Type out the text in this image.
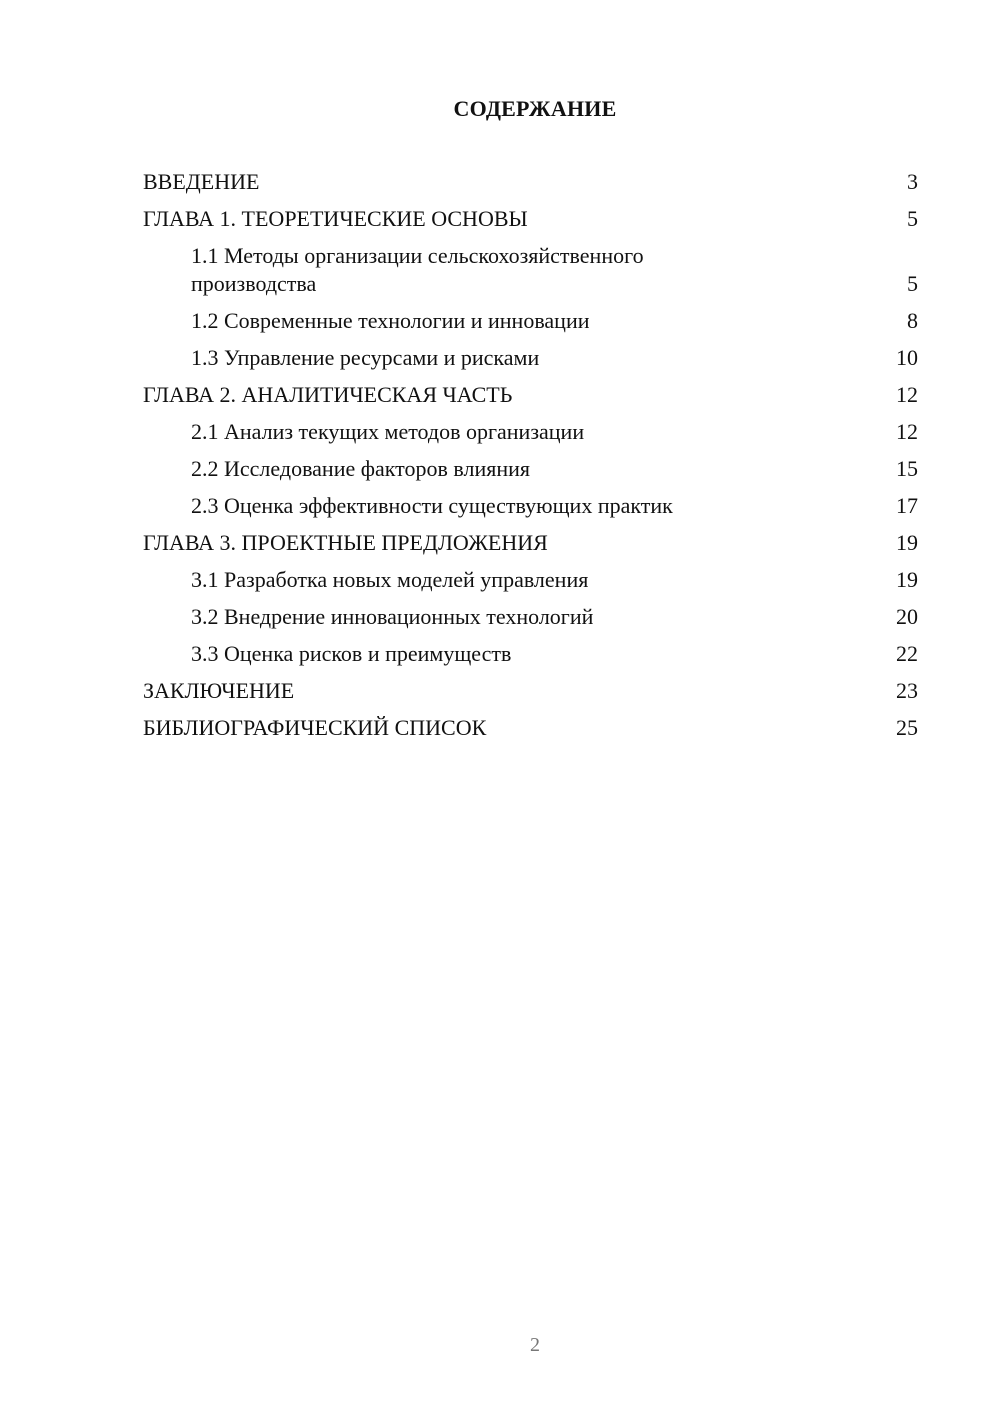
СОДЕРЖАНИЕ
ВВЕДЕНИЕ	3
ГЛАВА 1. ТЕОРЕТИЧЕСКИЕ ОСНОВЫ	5
1.1 Методы организации сельскохозяйственного производства	5
1.2 Современные технологии и инновации	8
1.3 Управление ресурсами и рисками	10
ГЛАВА 2. АНАЛИТИЧЕСКАЯ ЧАСТЬ	12
2.1 Анализ текущих методов организации	12
2.2 Исследование факторов влияния	15
2.3 Оценка эффективности существующих практик	17
ГЛАВА 3. ПРОЕКТНЫЕ ПРЕДЛОЖЕНИЯ	19
3.1 Разработка новых моделей управления	19
3.2 Внедрение инновационных технологий	20
3.3 Оценка рисков и преимуществ	22
ЗАКЛЮЧЕНИЕ	23
БИБЛИОГРАФИЧЕСКИЙ СПИСОК	25
2
